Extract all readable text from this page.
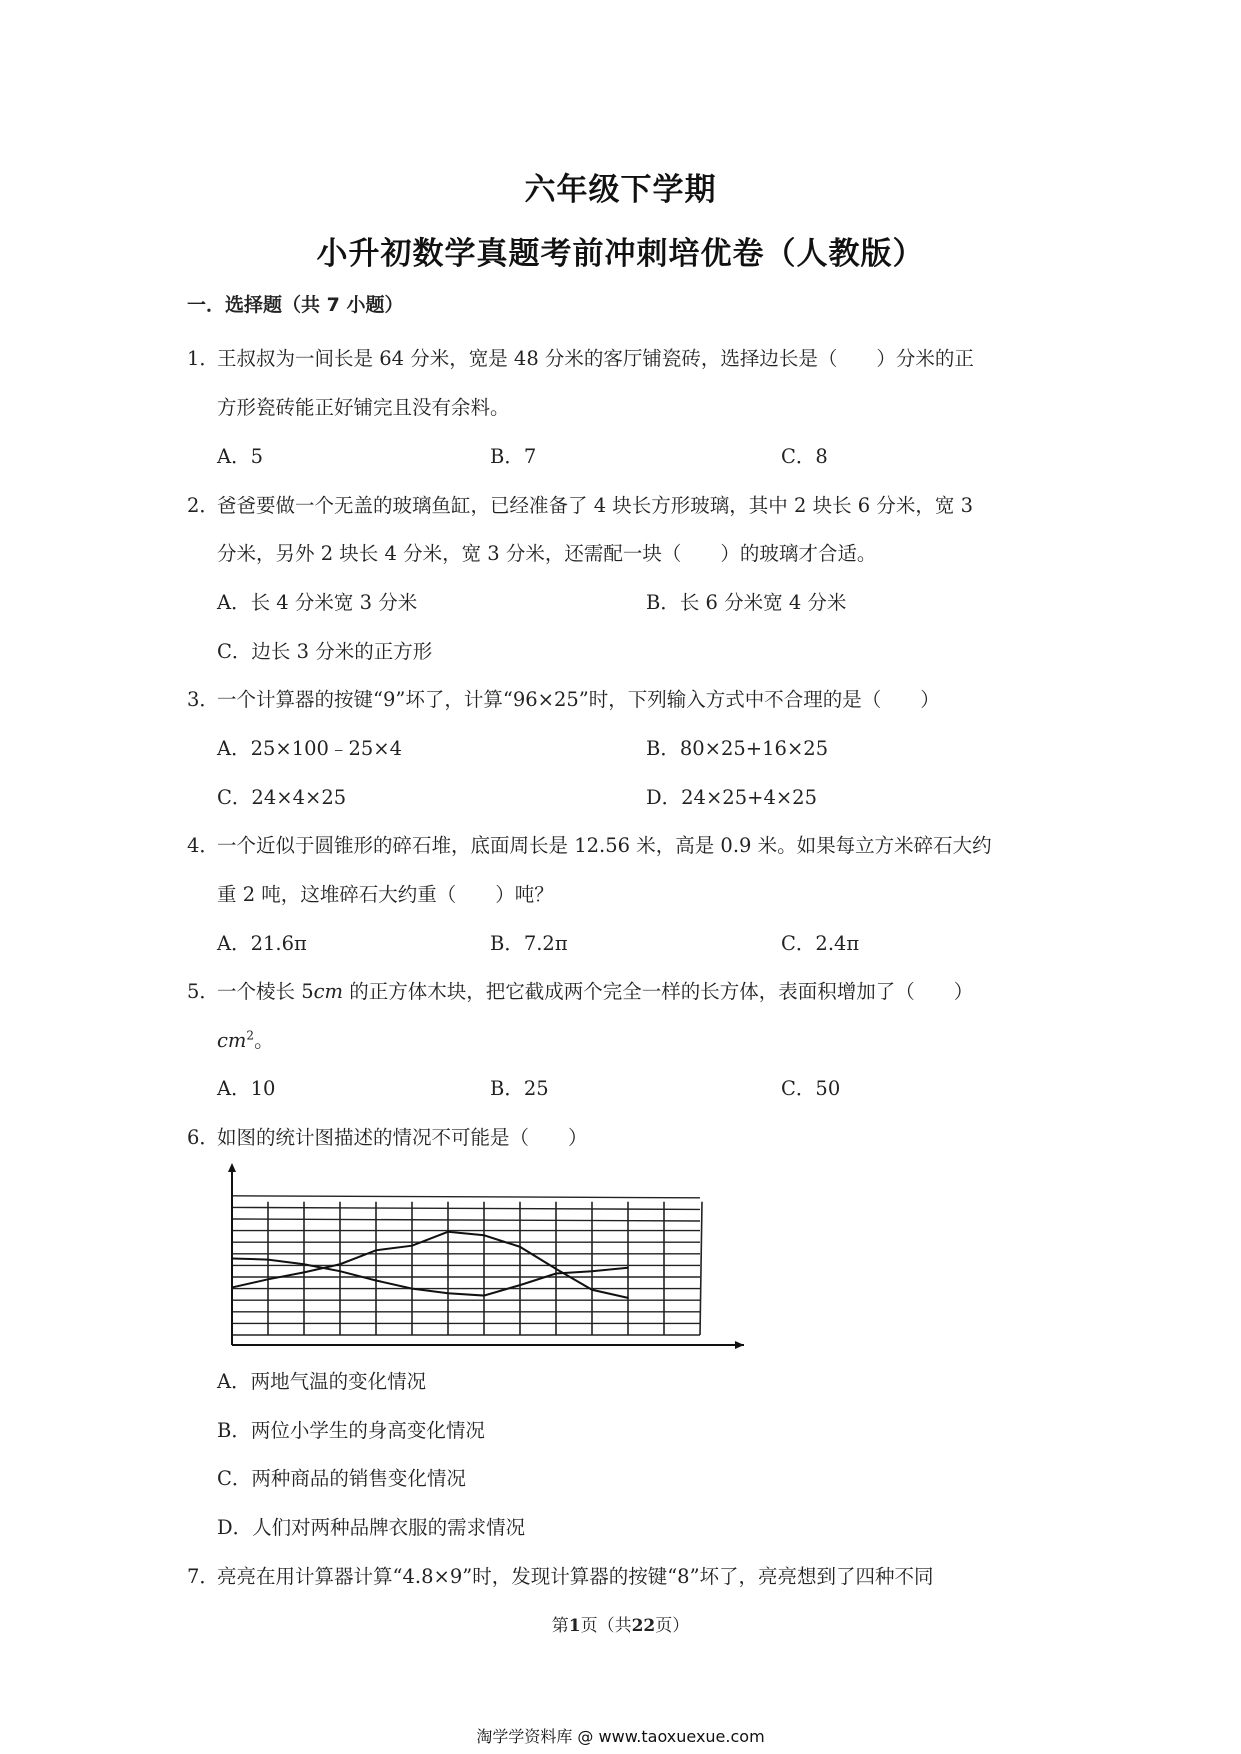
六年级下学期
小升初数学真题考前冲刺培优卷（人教版）
一．选择题（共 7 小题）
1．
王叔叔为一间长是 64 分米，宽是 48 分米的客厅铺瓷砖，选择边长是（　　）分米的正
方形瓷砖能正好铺完且没有余料。
A．5	B．7	C．8
2．
爸爸要做一个无盖的玻璃鱼缸，已经准备了 4 块长方形玻璃，其中 2 块长 6 分米，宽 3
分米，另外 2 块长 4 分米，宽 3 分米，还需配一块（　　）的玻璃才合适。
A．长 4 分米宽 3 分米	B．长 6 分米宽 4 分米
C．边长 3 分米的正方形
3．
一个计算器的按键“9”坏了，计算“96×25”时，下列输入方式中不合理的是（　　）
A．25×100﹣25×4	B．80×25+16×25
C．24×4×25	D．24×25+4×25
4．
一个近似于圆锥形的碎石堆，底面周长是 12.56 米，高是 0.9 米。如果每立方米碎石大约
重 2 吨，这堆碎石大约重（　　）吨？
A．21.6π	B．7.2π	C．2.4π
5．
一个棱长 5cm 的正方体木块，把它截成两个完全一样的长方体，表面积增加了（　　）
$cm^2$。
A．10	B．25	C．50
6．
如图的统计图描述的情况不可能是（　　）
A．两地气温的变化情况
B．两位小学生的身高变化情况
C．两种商品的销售变化情况
D．人们对两种品牌衣服的需求情况
7．
亮亮在用计算器计算“4.8×9”时，发现计算器的按键“8”坏了，亮亮想到了四种不同
第1页（共22页）
淘学学资料库 @ www.taoxuexue.com
